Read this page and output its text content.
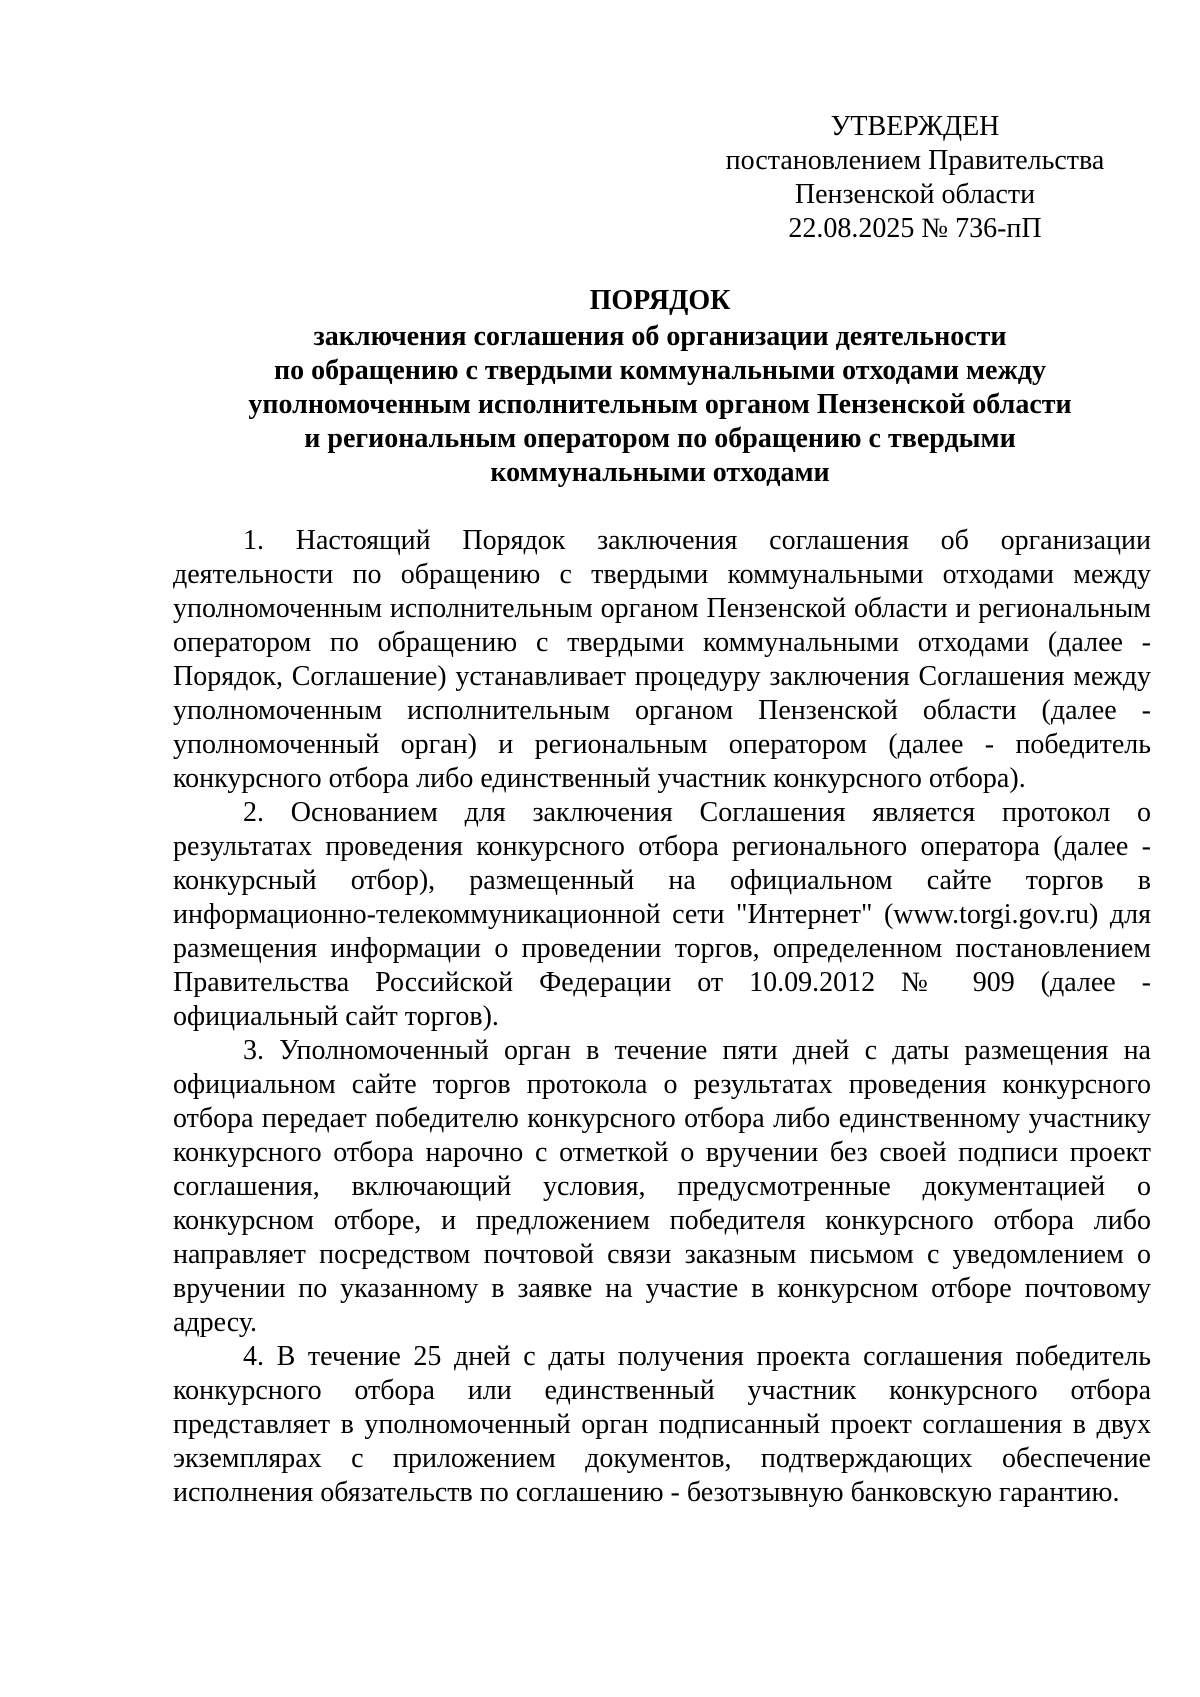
УТВЕРЖДЕН
постановлением Правительства
Пензенской области
22.08.2025 № 736-пП
ПОРЯДОК
заключения соглашения об организации деятельности
по обращению с твердыми коммунальными отходами между
уполномоченным исполнительным органом Пензенской области
и региональным оператором по обращению с твердыми
коммунальными отходами

1. Настоящий Порядок заключения соглашения об организации деятельности по обращению с твердыми коммунальными отходами между уполномоченным исполнительным органом Пензенской области и региональным оператором по обращению с твердыми коммунальными отходами (далее - Порядок, Соглашение) устанавливает процедуру заключения Соглашения между уполномоченным исполнительным органом Пензенской области (далее - уполномоченный орган) и региональным оператором (далее - победитель конкурсного отбора либо единственный участник конкурсного отбора).

2. Основанием для заключения Соглашения является протокол о результатах проведения конкурсного отбора регионального оператора (далее - конкурсный отбор), размещенный на официальном сайте торгов в информационно-телекоммуникационной сети "Интернет" (www.torgi.gov.ru) для размещения информации о проведении торгов, определенном постановлением Правительства Российской Федерации от 10.09.2012 № 909 (далее - официальный сайт торгов).

3. Уполномоченный орган в течение пяти дней с даты размещения на официальном сайте торгов протокола о результатах проведения конкурсного отбора передает победителю конкурсного отбора либо единственному участнику конкурсного отбора нарочно с отметкой о вручении без своей подписи проект соглашения, включающий условия, предусмотренные документацией о конкурсном отборе, и предложением победителя конкурсного отбора либо направляет посредством почтовой связи заказным письмом с уведомлением о вручении по указанному в заявке на участие в конкурсном отборе почтовому адресу.

4. В течение 25 дней с даты получения проекта соглашения победитель конкурсного отбора или единственный участник конкурсного отбора представляет в уполномоченный орган подписанный проект соглашения в двух экземплярах с приложением документов, подтверждающих обеспечение исполнения обязательств по соглашению - безотзывную банковскую гарантию.
